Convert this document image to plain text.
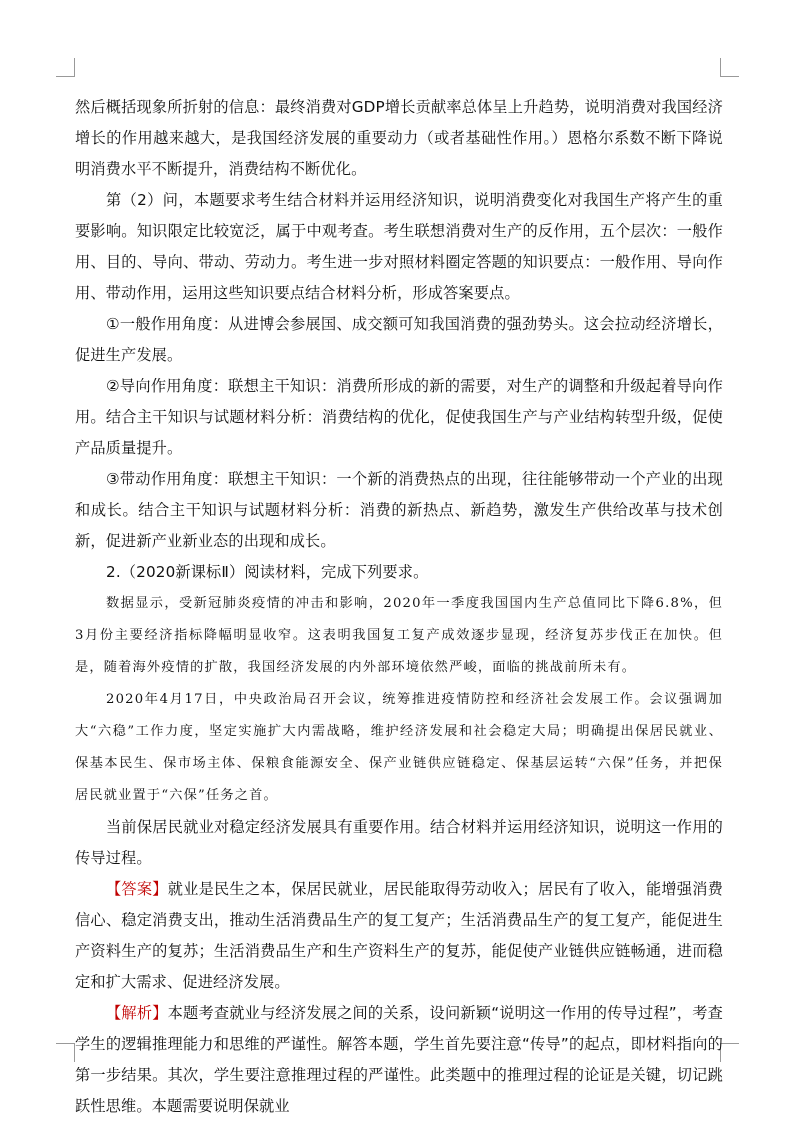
然后概括现象所折射的信息：最终消费对GDP增长贡献率总体呈上升趋势，说明消费对我国经济增长的作用越来越大，是我国经济发展的重要动力（或者基础性作用。）恩格尔系数不断下降说明消费水平不断提升，消费结构不断优化。

第（2）问，本题要求考生结合材料并运用经济知识，说明消费变化对我国生产将产生的重要影响。知识限定比较宽泛，属于中观考查。考生联想消费对生产的反作用，五个层次：一般作用、目的、导向、带动、劳动力。考生进一步对照材料圈定答题的知识要点：一般作用、导向作用、带动作用，运用这些知识要点结合材料分析，形成答案要点。

①一般作用角度：从进博会参展国、成交额可知我国消费的强劲势头。这会拉动经济增长，促进生产发展。

②导向作用角度：联想主干知识：消费所形成的新的需要，对生产的调整和升级起着导向作用。结合主干知识与试题材料分析：消费结构的优化，促使我国生产与产业结构转型升级，促使产品质量提升。

③带动作用角度：联想主干知识：一个新的消费热点的出现，往往能够带动一个产业的出现和成长。结合主干知识与试题材料分析：消费的新热点、新趋势，激发生产供给改革与技术创新，促进新产业新业态的出现和成长。

2.（2020新课标Ⅱ）阅读材料，完成下列要求。

数据显示，受新冠肺炎疫情的冲击和影响，2020年一季度我国国内生产总值同比下降6.8%，但3月份主要经济指标降幅明显收窄。这表明我国复工复产成效逐步显现，经济复苏步伐正在加快。但是，随着海外疫情的扩散，我国经济发展的内外部环境依然严峻，面临的挑战前所未有。

2020年4月17日，中央政治局召开会议，统筹推进疫情防控和经济社会发展工作。会议强调加大“六稳”工作力度，坚定实施扩大内需战略，维护经济发展和社会稳定大局；明确提出保居民就业、保基本民生、保市场主体、保粮食能源安全、保产业链供应链稳定、保基层运转“六保”任务，并把保居民就业置于“六保”任务之首。

当前保居民就业对稳定经济发展具有重要作用。结合材料并运用经济知识，说明这一作用的传导过程。

【答案】就业是民生之本，保居民就业，居民能取得劳动收入；居民有了收入，能增强消费信心、稳定消费支出，推动生活消费品生产的复工复产；生活消费品生产的复工复产，能促进生产资料生产的复苏；生活消费品生产和生产资料生产的复苏，能促使产业链供应链畅通，进而稳定和扩大需求、促进经济发展。

【解析】本题考查就业与经济发展之间的关系，设问新颖“说明这一作用的传导过程”，考查学生的逻辑推理能力和思维的严谨性。解答本题，学生首先要注意“传导”的起点，即材料指向的第一步结果。其次，学生要注意推理过程的严谨性。此类题中的推理过程的论证是关键，切记跳跃性思维。本题需要说明保就业
